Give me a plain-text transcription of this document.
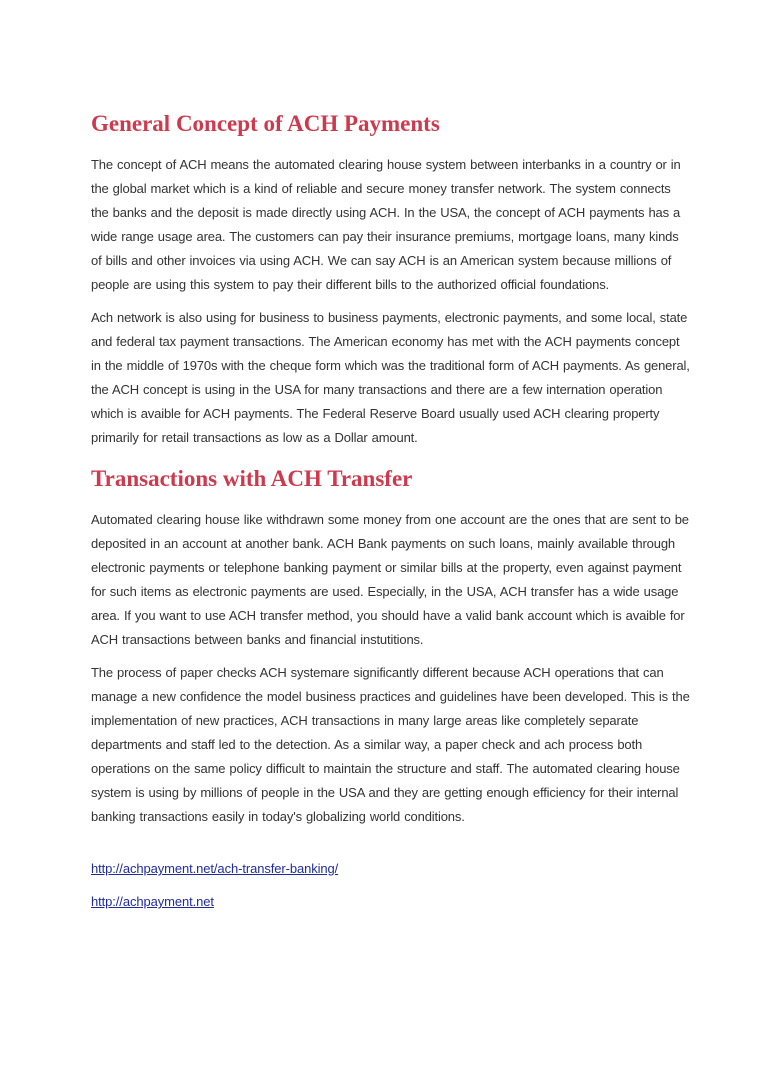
General Concept of ACH Payments

The concept of ACH means the automated clearing house system between interbanks in a country or in the global market which is a kind of reliable and secure money transfer network. The system connects the banks and the deposit is made directly using ACH. In the USA, the concept of ACH payments has a wide range usage area. The customers can pay their insurance premiums, mortgage loans, many kinds of bills and other invoices via using ACH. We can say ACH is an American system because millions of people are using this system to pay their different bills to the authorized official foundations.

Ach network is also using for business to business payments, electronic payments, and some local, state and federal tax payment transactions. The American economy has met with the ACH payments concept in the middle of 1970s with the cheque form which was the traditional form of ACH payments. As general, the ACH concept is using in the USA for many transactions and there are a few internation operation which is avaible for ACH payments. The Federal Reserve Board usually used ACH clearing property primarily for retail transactions as low as a Dollar amount.

Transactions with ACH Transfer

Automated clearing house like withdrawn some money from one account are the ones that are sent to be deposited in an account at another bank. ACH Bank payments on such loans, mainly available through electronic payments or telephone banking payment or similar bills at the property, even against payment for such items as electronic payments are used. Especially, in the USA, ACH transfer has a wide usage area. If you want to use ACH transfer method, you should have a valid bank account which is avaible for ACH transactions between banks and financial instutitions.

The process of paper checks ACH systemare significantly different because ACH operations that can manage a new confidence the model business practices and guidelines have been developed. This is the implementation of new practices, ACH transactions in many large areas like completely separate departments and staff led to the detection. As a similar way, a paper check and ach process both operations on the same policy difficult to maintain the structure and staff. The automated clearing house system is using by millions of people in the USA and they are getting enough efficiency for their internal banking transactions easily in today's globalizing world conditions.

http://achpayment.net/ach-transfer-banking/
http://achpayment.net
